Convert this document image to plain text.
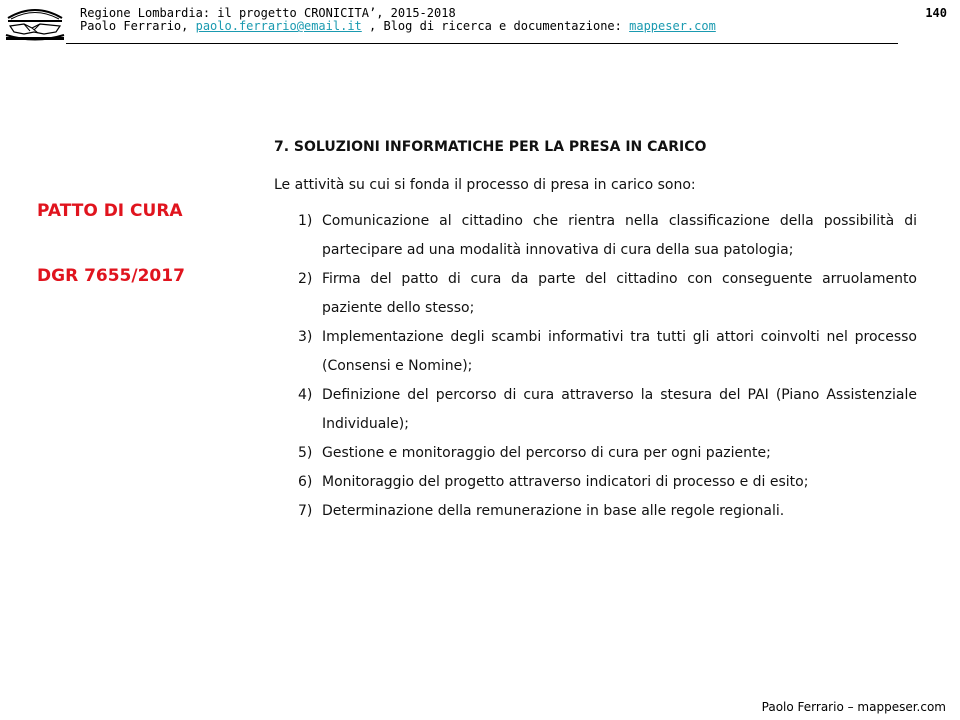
Regione Lombardia: il progetto CRONICITA’, 2015-2018
Paolo Ferrario, paolo.ferrario@email.it , Blog di ricerca e documentazione: mappeser.com
140
PATTO DI CURA
DGR 7655/2017
7. SOLUZIONI INFORMATICHE PER LA PRESA IN CARICO

Le attività su cui si fonda il processo di presa in carico sono:

1) Comunicazione al cittadino che rientra nella classificazione della possibilità di partecipare ad una modalità innovativa di cura della sua patologia;
2) Firma del patto di cura da parte del cittadino con conseguente arruolamento paziente dello stesso;
3) Implementazione degli scambi informativi tra tutti gli attori coinvolti nel processo (Consensi e Nomine);
4) Definizione del percorso di cura attraverso la stesura del PAI (Piano Assistenziale Individuale);
5) Gestione e monitoraggio del percorso di cura per ogni paziente;
6) Monitoraggio del progetto attraverso indicatori di processo e di esito;
7) Determinazione della remunerazione in base alle regole regionali.
Paolo Ferrario – mappeser.com
